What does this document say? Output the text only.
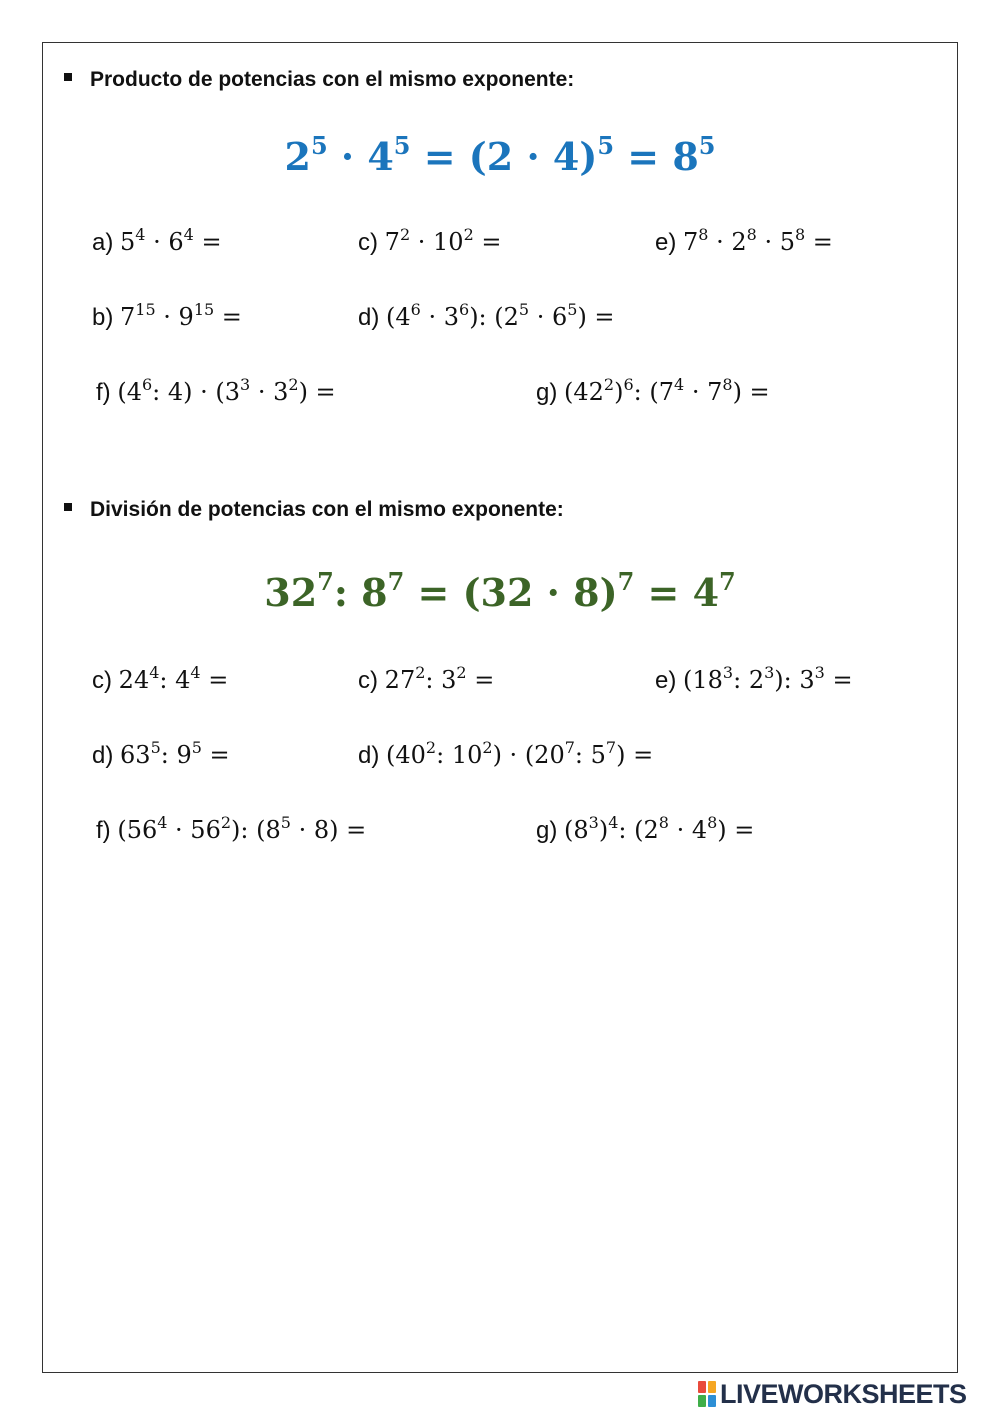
Producto de potencias con el mismo exponente:
$2^5 \cdot 4^5 = (2 \cdot 4)^5 = 8^5$
a) $5^4 \cdot 6^4$ =	c) $7^2 \cdot 10^2$ =	e) $7^8 \cdot 2^8 \cdot 5^8$ =
b) $7^{15} \cdot 9^{15}$ =	d) $(4^6 \cdot 3^6)$: $(2^5 \cdot 6^5)$ =
f) ($4^6$: $4) \cdot (3^3 \cdot 3^2)$ =	g) $(42^2)^6$: $(7^4 \cdot 7^8)$ =
División de potencias con el mismo exponente:
$32^7$: $8^7 = (32 \cdot 8)^7 = 4^7$
c) $24^4$: $4^4$ =	c) $27^2$: $3^2$ =	e) ($18^3$: $2^3$): $3^3$ =
d) $63^5$: $9^5$ =	d) ($40^2$: $10^2) \cdot (20^7$: $5^7$) =
f) $(56^4 \cdot 56^2)$: $(8^5 \cdot 8)$ =	g) $(8^3)^4$: $(2^8 \cdot 4^8)$ =
LIVEWORKSHEETS
